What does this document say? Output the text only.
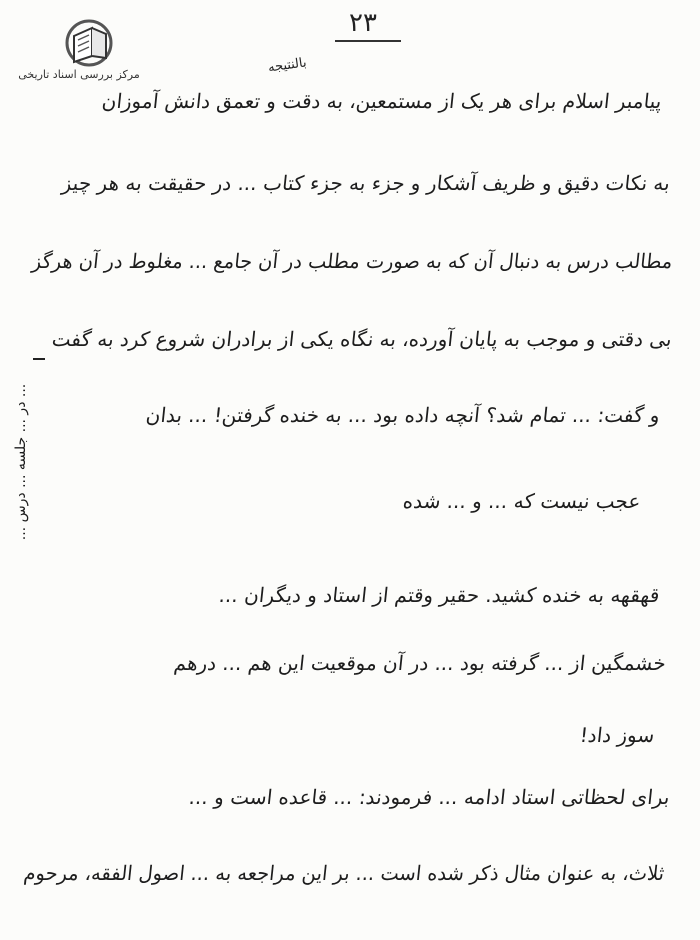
مرکز بررسی اسناد تاریخی
۲۳
بالنتیجه
پیامبر اسلام برای هر یک از مستمعین، به دقت و تعمق دانش آموزان
به نکات دقیق و ظریف آشکار و جزء به جزء کتاب ... در حقیقت به هر چیز
مطالب درس به دنبال آن که به صورت مطلب در آن جامع ... مغلوط در آن هرگز
بی دقتی و موجب به پایان آورده، به نگاه یکی از برادران شروع کرد به گفت
و گفت: ... تمام شد؟ آنچه داده بود ... به خنده گرفتن! ... بدان
عجب نیست که ... و ... شده
قهقهه به خنده کشید. حقیر وقتم از استاد و دیگران ...
خشمگین از ... گرفته بود ... در آن موقعیت این هم ... درهم
سوز داد!
برای لحظاتی استاد ادامه ... فرمودند: ... قاعده است و ...
ثلاث، به عنوان مثال ذکر شده است ... بر این مراجعه به ... اصول الفقه، مرحوم
... در ... جلسه ... درس ...
